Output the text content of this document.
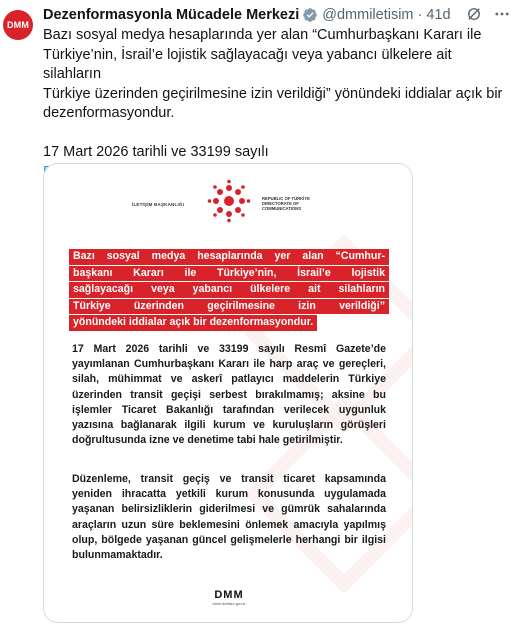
DMM
Dezenformasyonla Mücadele Merkezi @dmmiletisim · 41d

Bazı sosyal medya hesaplarında yer alan “Cumhurbaşkanı Kararı ile

Türkiye’nin, İsrail’e lojistik sağlayacağı veya yabancı ülkelere ait silahların

Türkiye üzerinden geçirilmesine izin verildiği” yönündeki iddialar açık bir

dezenformasyondur.

17 Mart 2026 tarihli ve 33199 sayılı

İLETİŞİM BAŞKANLIĞI
REPUBLIC OF TÜRKİYE DIRECTORATE OF COMMUNICATIONS
Bazı sosyal medya hesaplarında yer alan “Cumhur-
başkanı Kararı ile Türkiye’nin, İsrail’e lojistik
sağlayacağı veya yabancı ülkelere ait silahların
Türkiye üzerinden geçirilmesine izin verildiği”
yönündeki iddialar açık bir dezenformasyondur.

17 Mart 2026 tarihli ve 33199 sayılı Resmî Gazete’de yayımlanan Cumhurbaşkanı Kararı ile harp araç ve gereçleri, silah, mühimmat ve askerî patlayıcı maddelerin Türkiye üzerinden transit geçişi serbest bırakılmamış; aksine bu işlemler Ticaret Bakanlığı tarafından verilecek uygunluk yazısına bağlanarak ilgili kurum ve kuruluşların görüşleri doğrultusunda izne ve denetime tabi hale getirilmiştir.

Düzenleme, transit geçiş ve transit ticaret kapsamında yeniden ihracatta yetkili kurum konusunda uygulamada yaşanan belirsizliklerin giderilmesi ve gümrük sahalarında araçların uzun süre beklemesini önlemek amacıyla yapılmış olup, bölgede yaşanan güncel gelişmelerle herhangi bir ilgisi bulunmamaktadır.

DMM
dmm.iletisim.gov.tr
